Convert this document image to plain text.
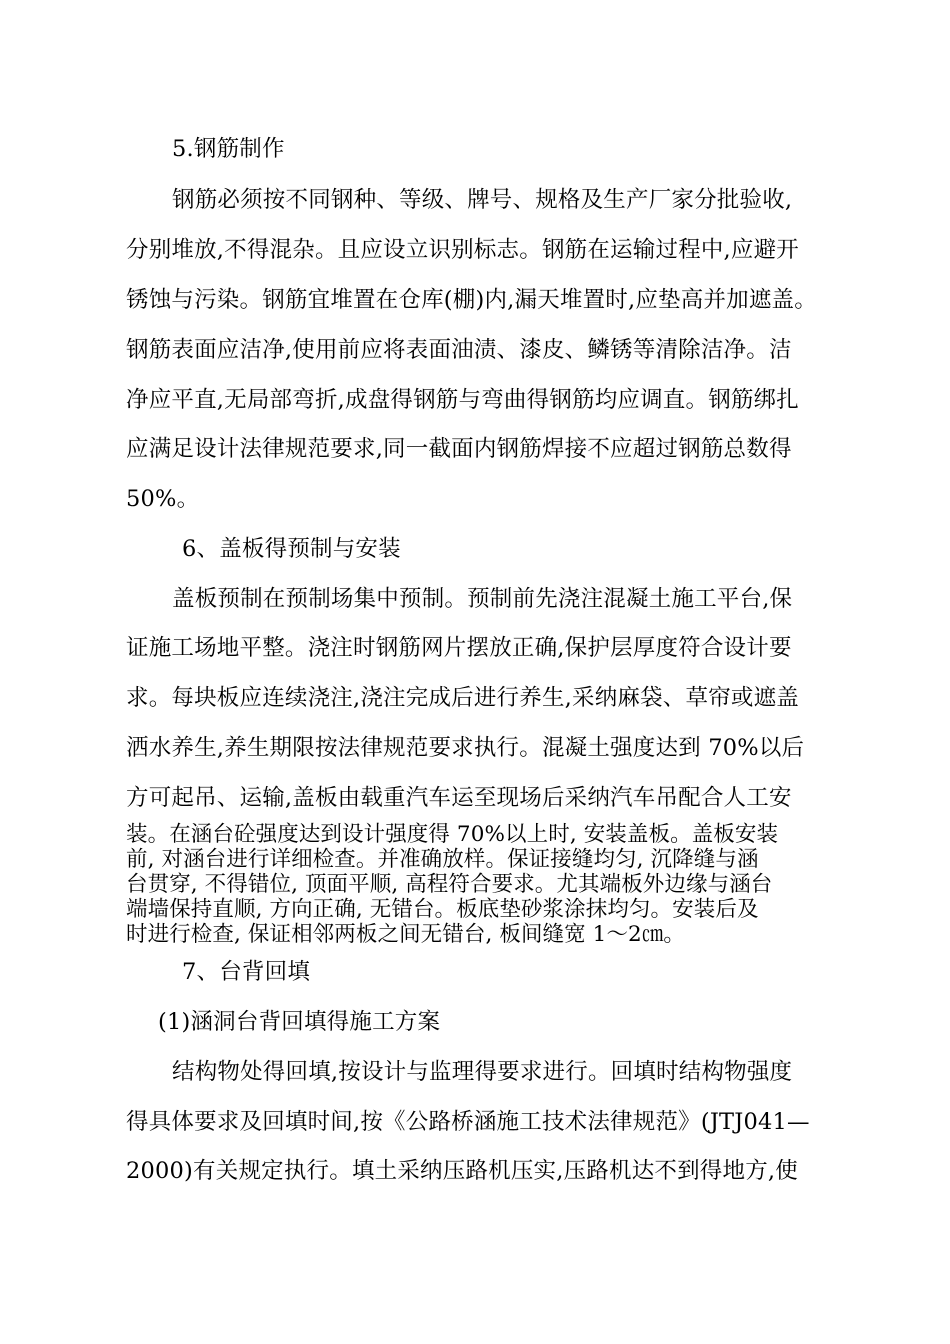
5.钢筋制作
钢筋必须按不同钢种、等级、牌号、规格及生产厂家分批验收,
分别堆放,不得混杂。且应设立识别标志。钢筋在运输过程中,应避开
锈蚀与污染。钢筋宜堆置在仓库(棚)内,漏天堆置时,应垫高并加遮盖。
钢筋表面应洁净,使用前应将表面油渍、漆皮、鳞锈等清除洁净。洁
净应平直,无局部弯折,成盘得钢筋与弯曲得钢筋均应调直。钢筋绑扎
应满足设计法律规范要求,同一截面内钢筋焊接不应超过钢筋总数得
50%。
6、盖板得预制与安装
盖板预制在预制场集中预制。预制前先浇注混凝土施工平台,保
证施工场地平整。浇注时钢筋网片摆放正确,保护层厚度符合设计要
求。每块板应连续浇注,浇注完成后进行养生,采纳麻袋、草帘或遮盖
洒水养生,养生期限按法律规范要求执行。混凝土强度达到 70%以后
方可起吊、运输,盖板由载重汽车运至现场后采纳汽车吊配合人工安
装。在涵台砼强度达到设计强度得 70%以上时, 安装盖板。盖板安装
前, 对涵台进行详细检查。并准确放样。保证接缝均匀, 沉降缝与涵
台贯穿, 不得错位, 顶面平顺, 高程符合要求。尤其端板外边缘与涵台
端墙保持直顺, 方向正确, 无错台。板底垫砂浆涂抹均匀。安装后及
时进行检查, 保证相邻两板之间无错台, 板间缝宽 1～2㎝。
7、台背回填
(1)涵洞台背回填得施工方案
结构物处得回填,按设计与监理得要求进行。回填时结构物强度
得具体要求及回填时间,按《公路桥涵施工技术法律规范》(JTJ041—
2000)有关规定执行。填土采纳压路机压实,压路机达不到得地方,使
